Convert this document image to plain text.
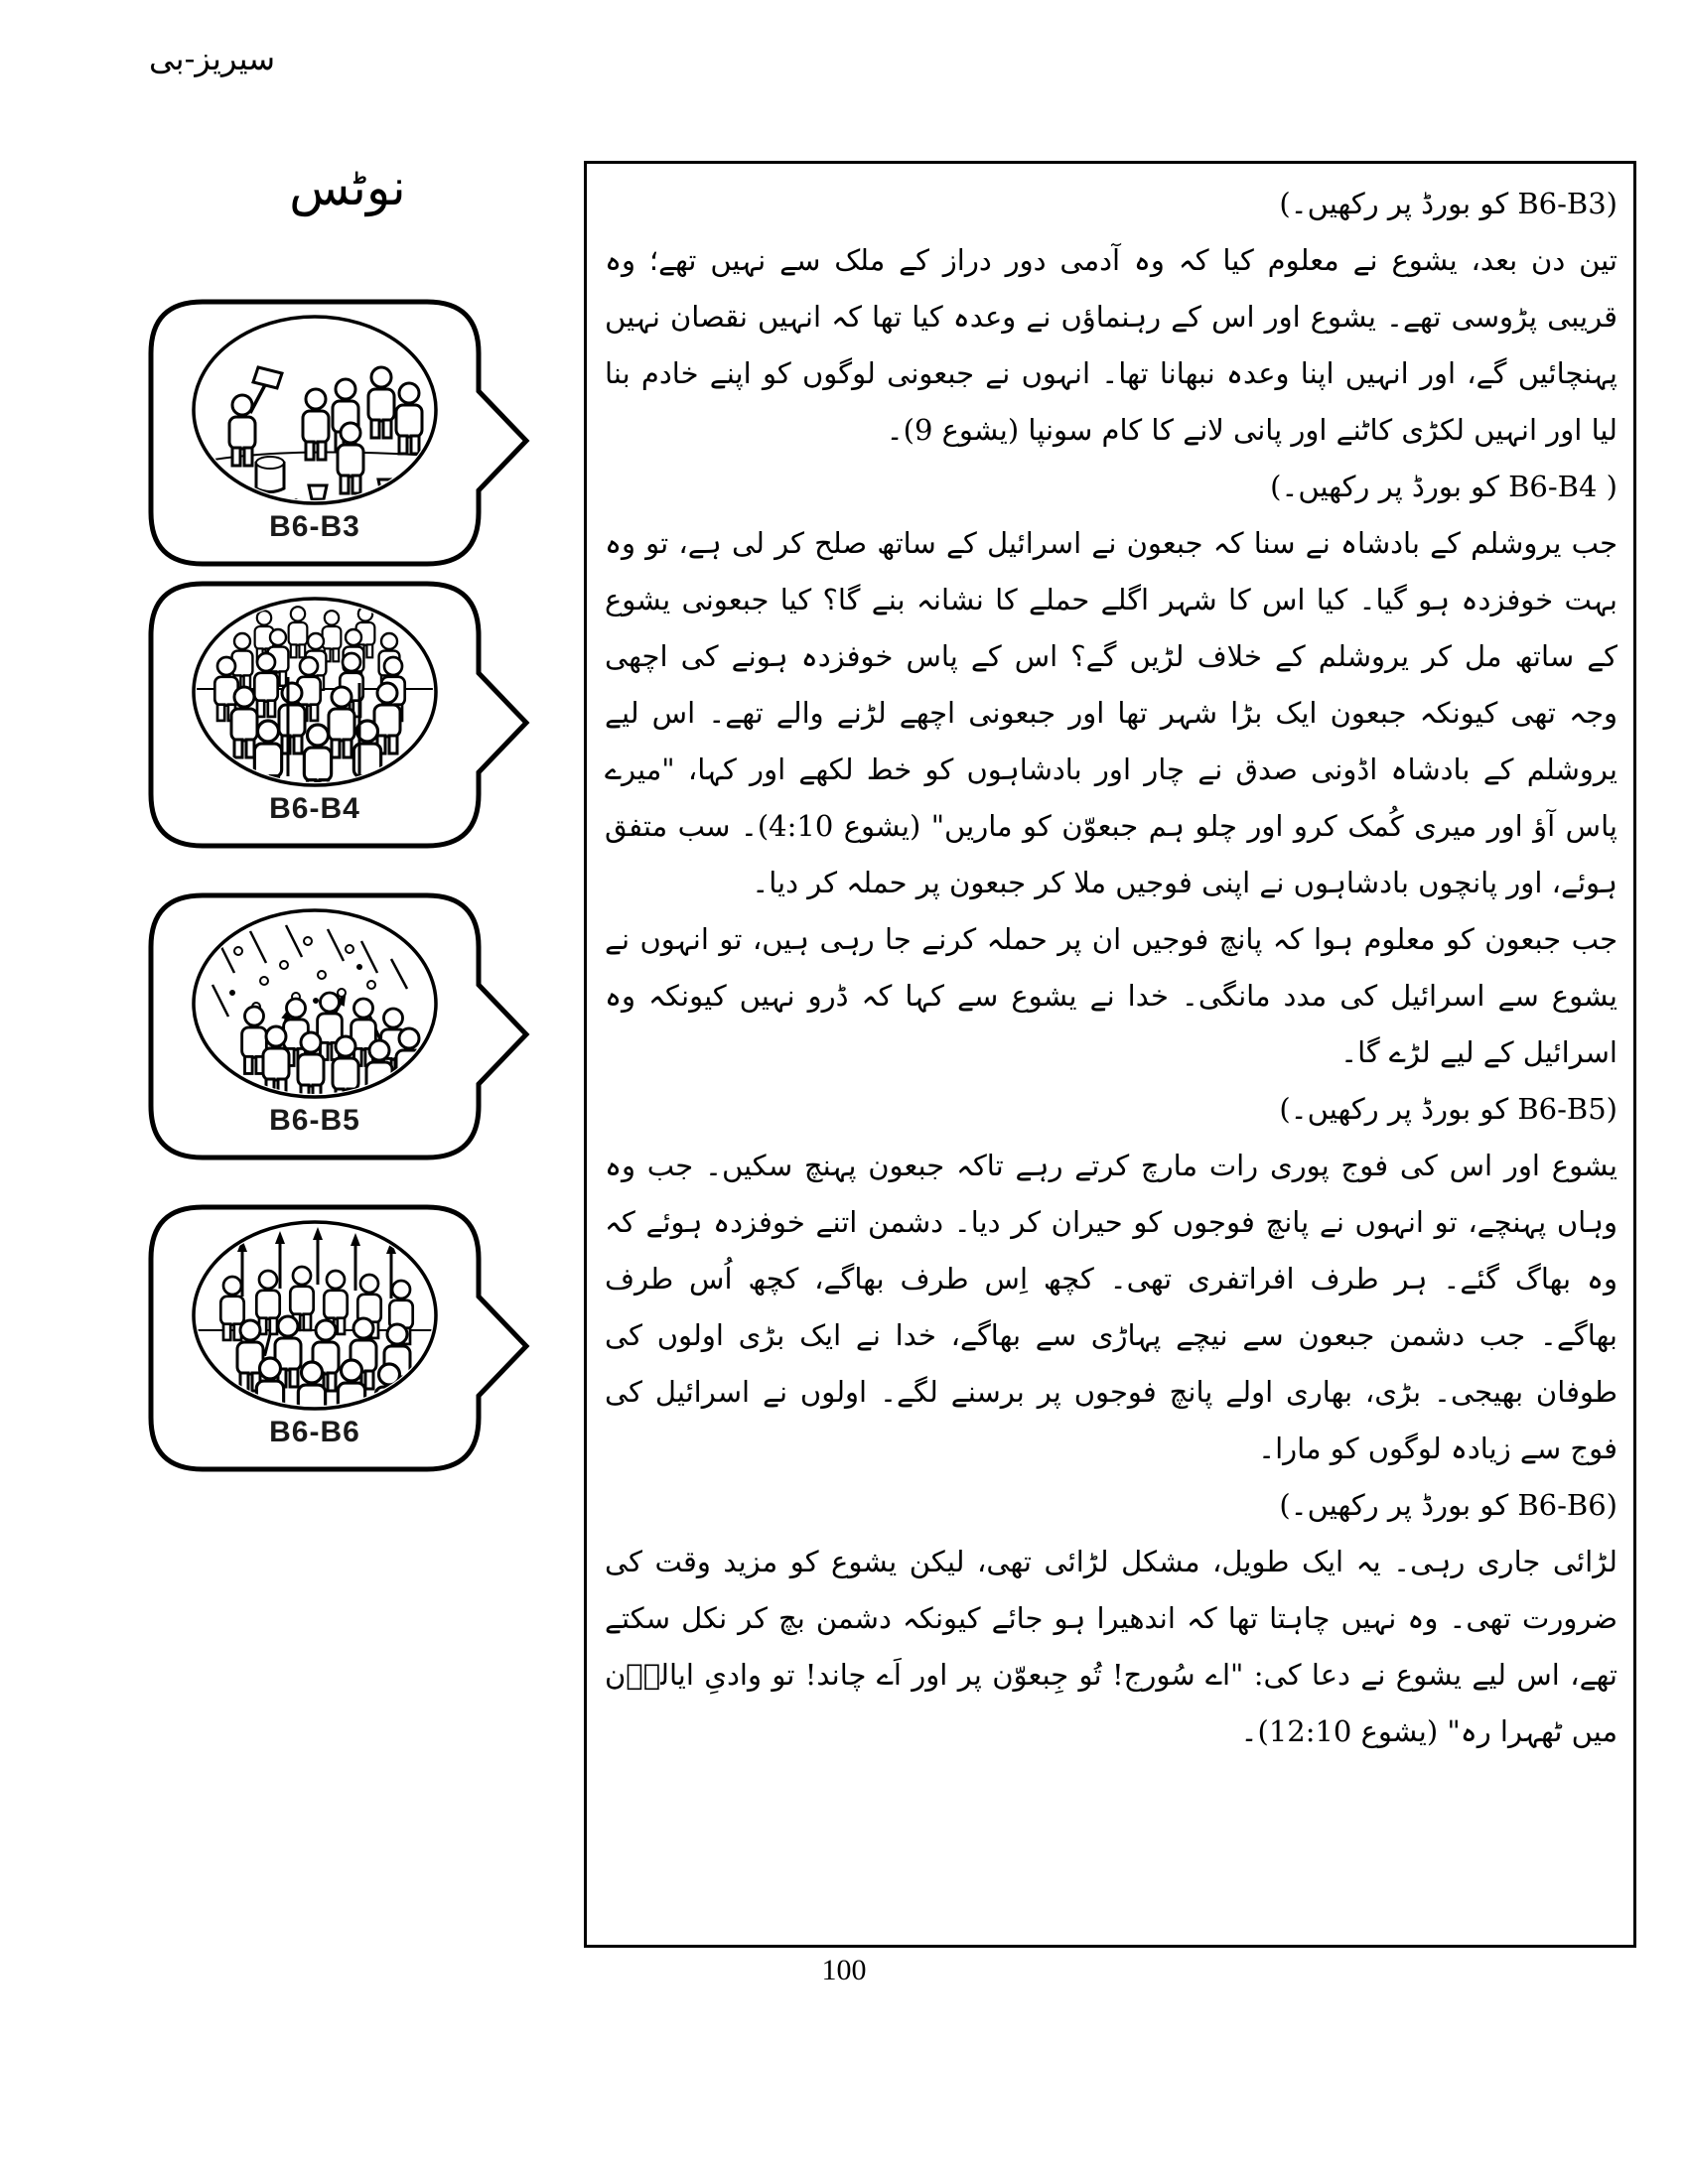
سیریز-بی
نوٹس
B6-B3
B6-B4
B6-B5
B6-B6

(B6-B3 کو بورڈ پر رکھیں۔)

تین دن بعد، یشوع نے معلوم کیا کہ وہ آدمی دور دراز کے ملک سے نہیں تھے؛ وہ قریبی پڑوسی تھے۔ یشوع اور اس کے رہنماؤں نے وعدہ کیا تھا کہ انہیں نقصان نہیں پہنچائیں گے، اور انہیں اپنا وعدہ نبھانا تھا۔ انہوں نے جبعونی لوگوں کو اپنے خادم بنا لیا اور انہیں لکڑی کاٹنے اور پانی لانے کا کام سونپا (یشوع 9)۔

( B6-B4 کو بورڈ پر رکھیں۔)

جب یروشلم کے بادشاہ نے سنا کہ جبعون نے اسرائیل کے ساتھ صلح کر لی ہے، تو وہ بہت خوفزدہ ہو گیا۔ کیا اس کا شہر اگلے حملے کا نشانہ بنے گا؟ کیا جبعونی یشوع کے ساتھ مل کر یروشلم کے خلاف لڑیں گے؟ اس کے پاس خوفزدہ ہونے کی اچھی وجہ تھی کیونکہ جبعون ایک بڑا شہر تھا اور جبعونی اچھے لڑنے والے تھے۔ اس لیے یروشلم کے بادشاہ اڈونی صدق نے چار اور بادشاہوں کو خط لکھے اور کہا، "میرے پاس آؤ اور میری کُمک کرو اور چلو ہم جبعوّن کو ماریں" (یشوع 4:10)۔ سب متفق ہوئے، اور پانچوں بادشاہوں نے اپنی فوجیں ملا کر جبعون پر حملہ کر دیا۔

جب جبعون کو معلوم ہوا کہ پانچ فوجیں ان پر حملہ کرنے جا رہی ہیں، تو انہوں نے یشوع سے اسرائیل کی مدد مانگی۔ خدا نے یشوع سے کہا کہ ڈرو نہیں کیونکہ وہ اسرائیل کے لیے لڑے گا۔

(B6-B5 کو بورڈ پر رکھیں۔)

یشوع اور اس کی فوج پوری رات مارچ کرتے رہے تاکہ جبعون پہنچ سکیں۔ جب وہ وہاں پہنچے، تو انہوں نے پانچ فوجوں کو حیران کر دیا۔ دشمن اتنے خوفزدہ ہوئے کہ وہ بھاگ گئے۔ ہر طرف افراتفری تھی۔ کچھ اِس طرف بھاگے، کچھ اُس طرف بھاگے۔ جب دشمن جبعون سے نیچے پہاڑی سے بھاگے، خدا نے ایک بڑی اولوں کی طوفان بھیجی۔ بڑی، بھاری اولے پانچ فوجوں پر برسنے لگے۔ اولوں نے اسرائیل کی فوج سے زیادہ لوگوں کو مارا۔

(B6-B6 کو بورڈ پر رکھیں۔)

لڑائی جاری رہی۔ یہ ایک طویل، مشکل لڑائی تھی، لیکن یشوع کو مزید وقت کی ضرورت تھی۔ وہ نہیں چاہتا تھا کہ اندھیرا ہو جائے کیونکہ دشمن بچ کر نکل سکتے تھے، اس لیے یشوع نے دعا کی: "اے سُورج! تُو جِبعوّن پر اور اَے چاند! تو وادیِ ایالوؔن میں ٹھہرا رہ" (یشوع 12:10)۔

100
